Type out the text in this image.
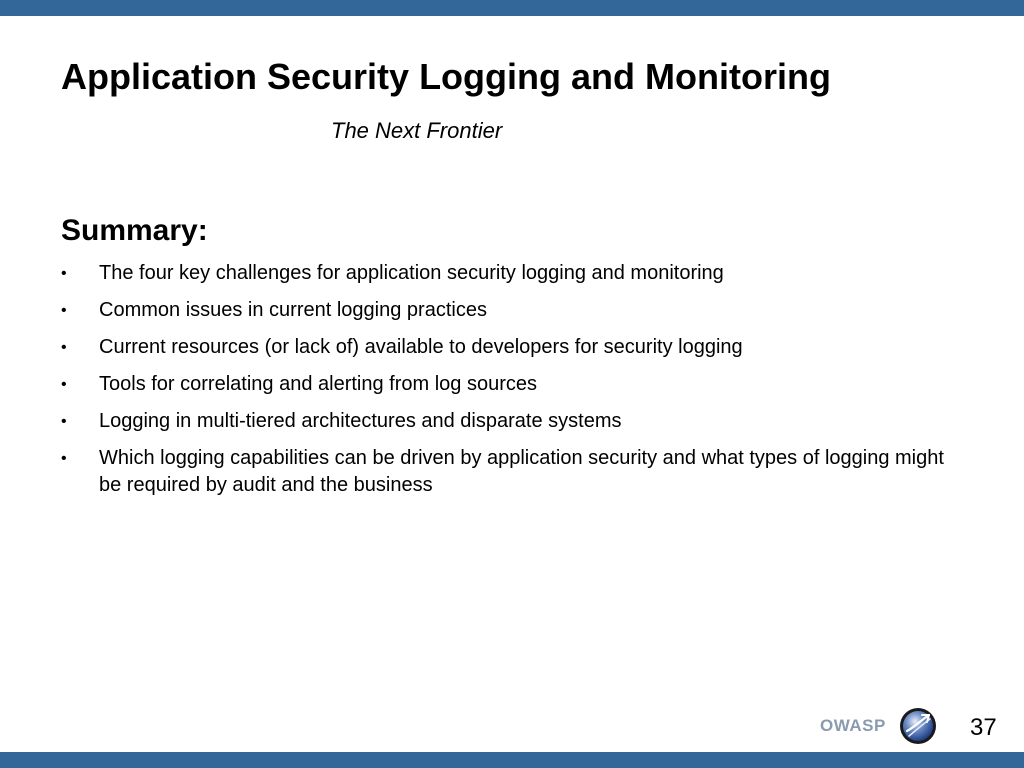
Application Security Logging and Monitoring

The Next Frontier

Summary:
• The four key challenges for application security logging and monitoring
• Common issues in current logging practices
• Current resources (or lack of) available to developers for security logging
• Tools for correlating and alerting from log sources
• Logging in multi-tiered architectures and disparate systems
• Which logging capabilities can be driven by application security and what types of logging might be required by audit and the business
OWASP	37
